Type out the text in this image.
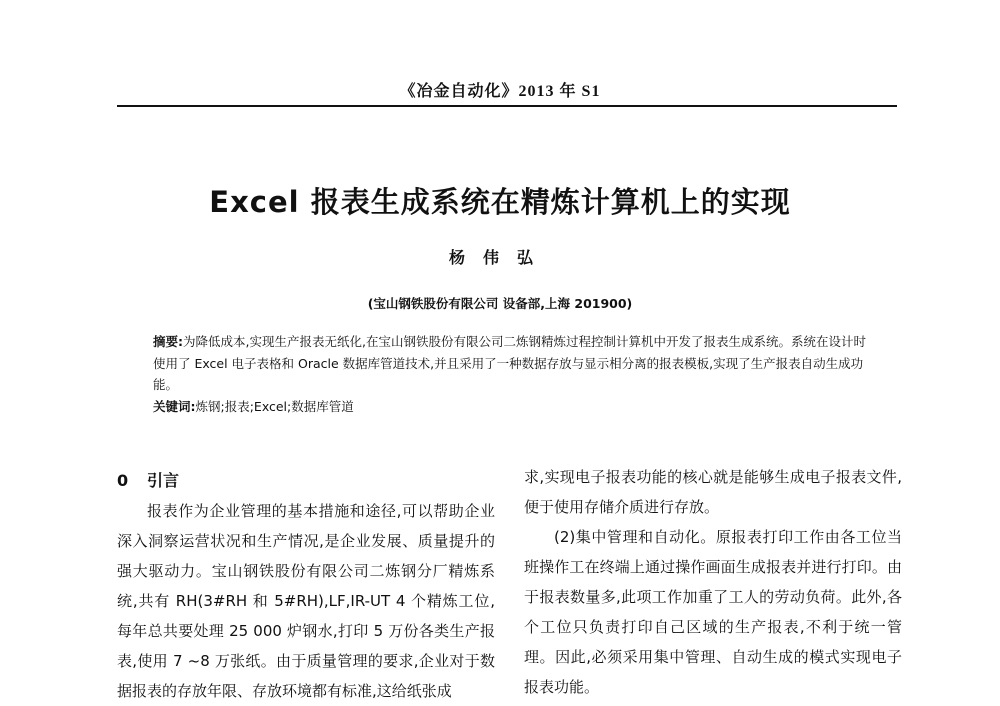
《冶金自动化》2013 年 S1
Excel 报表生成系统在精炼计算机上的实现
杨伟弘
(宝山钢铁股份有限公司 设备部,上海 201900)

摘要:为降低成本,实现生产报表无纸化,在宝山钢铁股份有限公司二炼钢精炼过程控制计算机中开发了报表生成系统。系统在设计时使用了 Excel 电子表格和 Oracle 数据库管道技术,并且采用了一种数据存放与显示相分离的报表模板,实现了生产报表自动生成功能。

关键词:炼钢;报表;Excel;数据库管道

0 引言

报表作为企业管理的基本措施和途径,可以帮助企业深入洞察运营状况和生产情况,是企业发展、质量提升的强大驱动力。宝山钢铁股份有限公司二炼钢分厂精炼系统,共有 RH(3#RH 和 5#RH),LF,IR-UT 4 个精炼工位,每年总共要处理 25 000 炉钢水,打印 5 万份各类生产报表,使用 7 ~8 万张纸。由于质量管理的要求,企业对于数据报表的存放年限、存放环境都有标准,这给纸张成

求,实现电子报表功能的核心就是能够生成电子报表文件,便于使用存储介质进行存放。

(2)集中管理和自动化。原报表打印工作由各工位当班操作工在终端上通过操作画面生成报表并进行打印。由于报表数量多,此项工作加重了工人的劳动负荷。此外,各个工位只负责打印自己区域的生产报表,不利于统一管理。因此,必须采用集中管理、自动生成的模式实现电子报表功能。
